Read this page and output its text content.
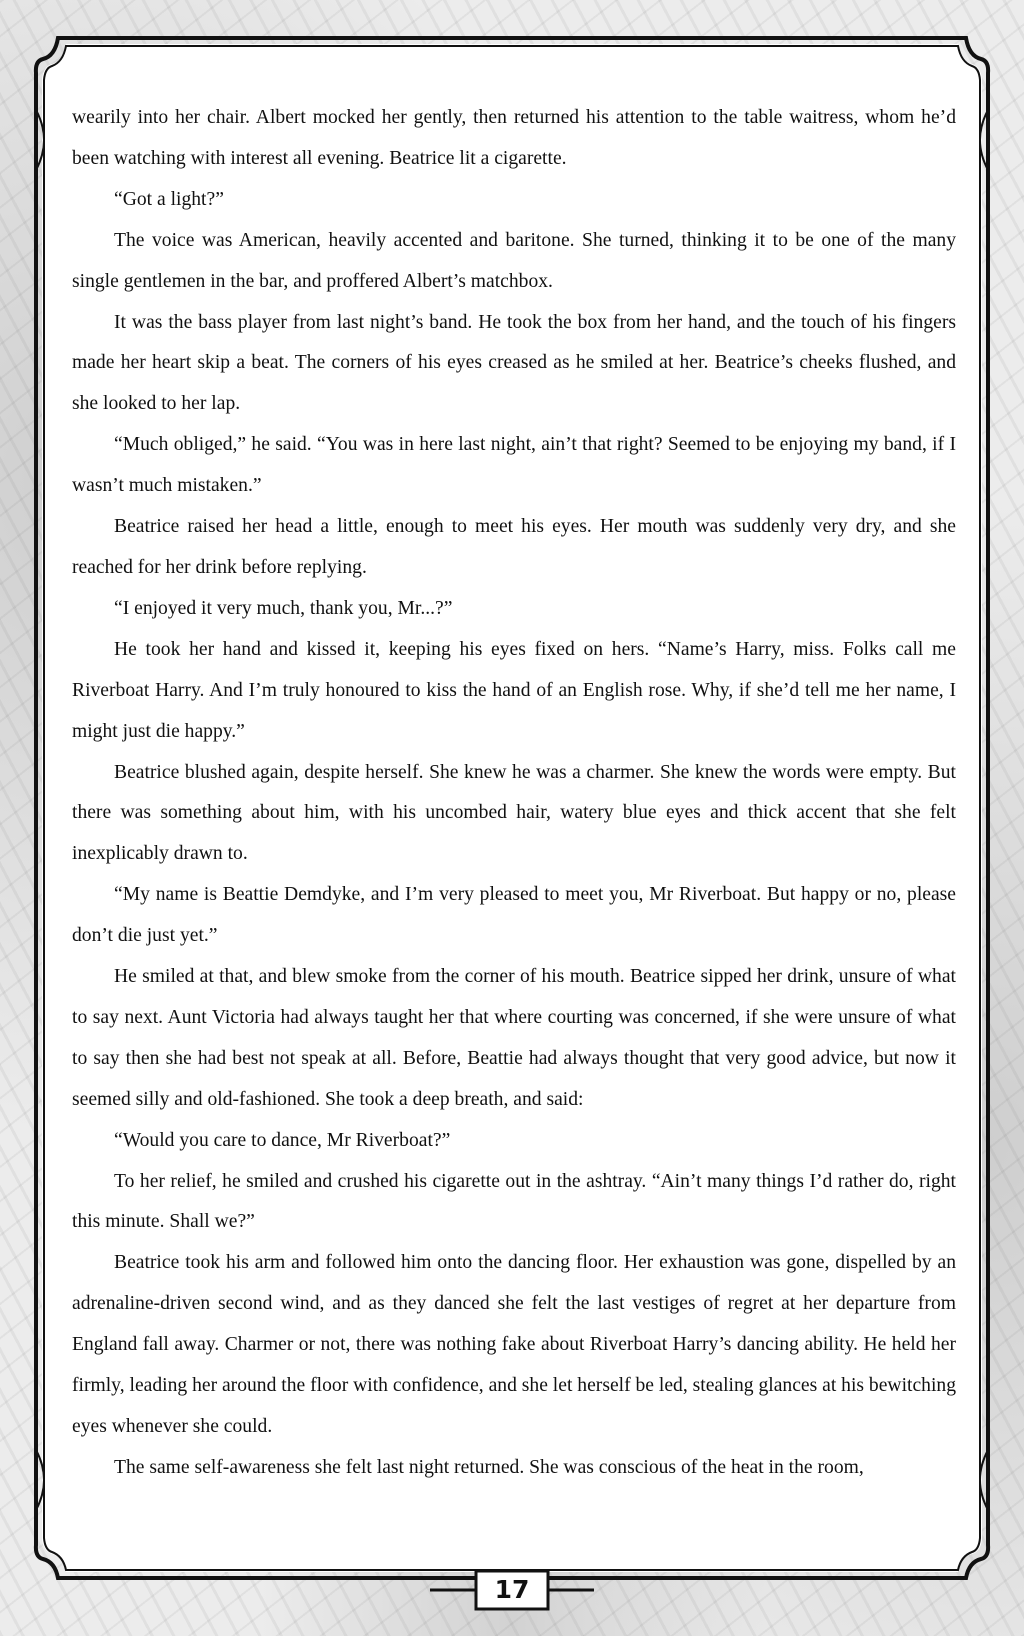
wearily into her chair. Albert mocked her gently, then returned his attention to the table waitress, whom he’d been watching with interest all evening. Beatrice lit a cigarette.

“Got a light?”

The voice was American, heavily accented and baritone. She turned, thinking it to be one of the many single gentlemen in the bar, and proffered Albert’s matchbox.

It was the bass player from last night’s band. He took the box from her hand, and the touch of his fingers made her heart skip a beat. The corners of his eyes creased as he smiled at her. Beatrice’s cheeks flushed, and she looked to her lap.

“Much obliged,” he said. “You was in here last night, ain’t that right? Seemed to be enjoying my band, if I wasn’t much mistaken.”

Beatrice raised her head a little, enough to meet his eyes. Her mouth was suddenly very dry, and she reached for her drink before replying.

“I enjoyed it very much, thank you, Mr...?”

He took her hand and kissed it, keeping his eyes fixed on hers. “Name’s Harry, miss. Folks call me Riverboat Harry. And I’m truly honoured to kiss the hand of an English rose. Why, if she’d tell me her name, I might just die happy.”

Beatrice blushed again, despite herself. She knew he was a charmer. She knew the words were empty. But there was something about him, with his uncombed hair, watery blue eyes and thick accent that she felt inexplicably drawn to.

“My name is Beattie Demdyke, and I’m very pleased to meet you, Mr Riverboat. But happy or no, please don’t die just yet.”

He smiled at that, and blew smoke from the corner of his mouth. Beatrice sipped her drink, unsure of what to say next. Aunt Victoria had always taught her that where courting was concerned, if she were unsure of what to say then she had best not speak at all. Before, Beattie had always thought that very good advice, but now it seemed silly and old-fashioned. She took a deep breath, and said:

“Would you care to dance, Mr Riverboat?”

To her relief, he smiled and crushed his cigarette out in the ashtray. “Ain’t many things I’d rather do, right this minute. Shall we?”

Beatrice took his arm and followed him onto the dancing floor. Her exhaustion was gone, dispelled by an adrenaline-driven second wind, and as they danced she felt the last vestiges of regret at her departure from England fall away. Charmer or not, there was nothing fake about Riverboat Harry’s dancing ability. He held her firmly, leading her around the floor with confidence, and she let herself be led, stealing glances at his bewitching eyes whenever she could.

The same self-awareness she felt last night returned. She was conscious of the heat in the room,

17
